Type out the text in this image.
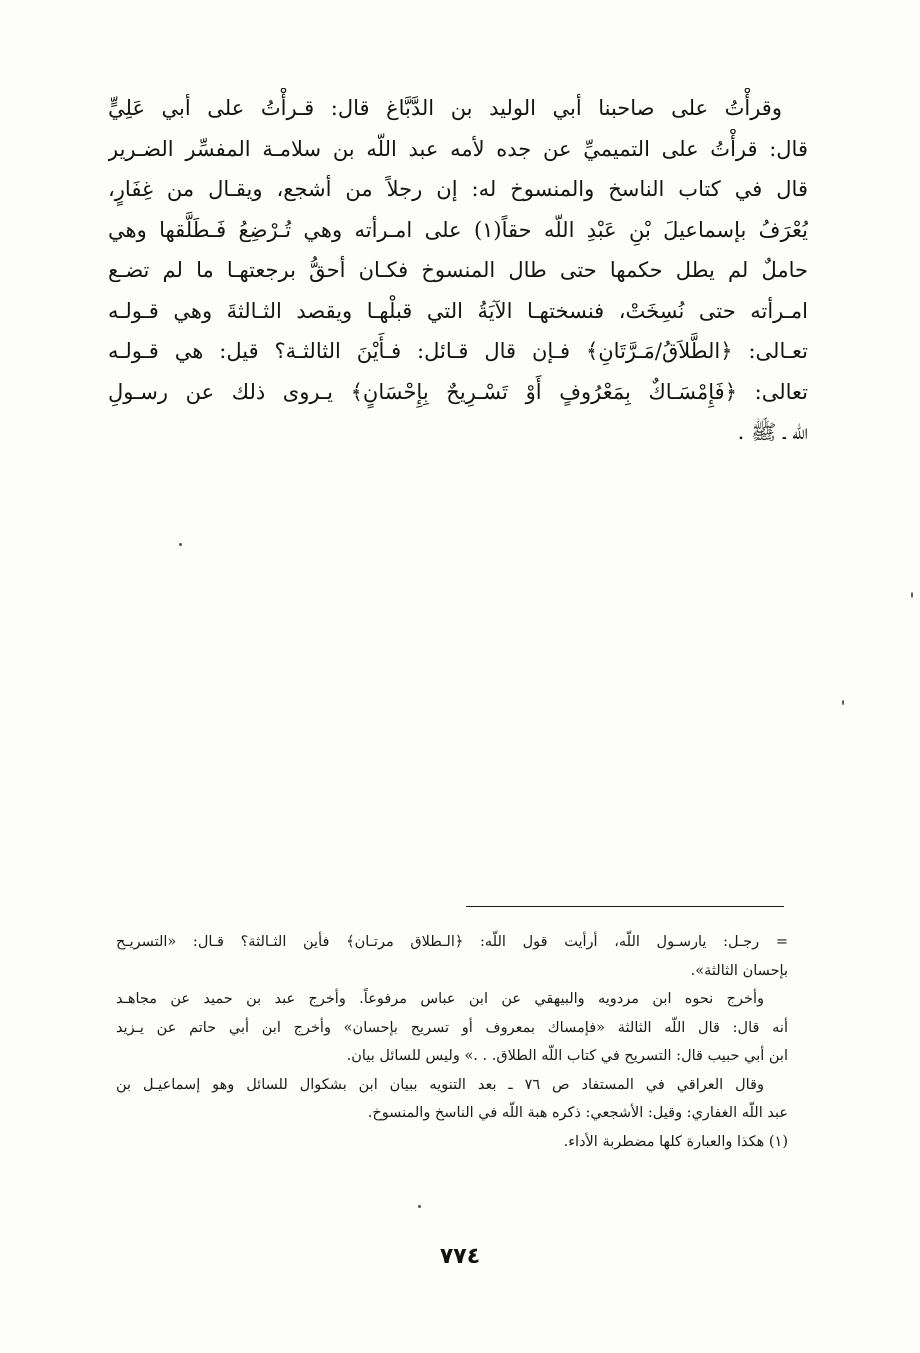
وقرأْتُ على صاحبنا أبي الوليد بن الدَّبَّاغ قال: قـرأْتُ على أبي عَلِيٍّ
قال: قرأْتُ على التميميِّ عن جده لأمه عبد اللّه بن سلامـة المفسِّر الضـرير
قال في كتاب الناسخ والمنسوخ له: إن رجلاً من أشجع، ويقـال من غِفَارٍ،
يُعْرَفُ بإسماعيلَ بْنِ عَبْدِ اللّه حقاً(١) على امـرأته وهي تُـرْضِعُ فَـطَلَّقها وهي
حاملٌ لم يطل حكمها حتى طال المنسوخ فكـان أحقُّ برجعتهـا ما لم تضـع
امـرأته حتى نُسِخَتْ، فنسختهـا الآيَةُ التي قبلْهـا ويقصد الثـالثةَ وهي قـولـه
تعـالى: ﴿الطَّلاَقُ/مَـرَّتَانِ﴾ فـإن قال قـائل: فـأَيْنَ الثالثـة؟ قيل: هي قـولـه
تعالى: ﴿فَإِمْسَـاكٌ بِمَعْرُوفٍ أَوْ تَسْـرِيحٌ بِإِحْسَانٍ﴾ يـروى ذلك عن رسـولِ
اللّه ـ ﷺ .
= رجـل: يارسـول اللّه، أرأيت قول اللّه: ﴿الـطلاق مرتـان﴾ فأين الثـالثة؟ قـال: «التسريـح
بإحسان الثالثة».
وأخرج نحوه ابن مردويه والبيهقي عن ابن عباس مرفوعاً. وأخرج عبد بن حميد عن مجاهـد
أنه قال: قال اللّه الثالثة «فإمساك بمعروف أو تسريح بإحسان» وأخرج ابن أبي حاتم عن يـزيد
ابن أبي حبيب قال: التسريح في كتاب اللّه الطلاق. . .» وليس للسائل بيان.
وقال العراقي في المستفاد ص ٧٦ ـ بعد التنويه ببيان ابن بشكوال للسائل وهو إسماعيـل بن
عبد اللّه الغفاري: وقيل: الأشجعي: ذكره هبة اللّه في الناسخ والمنسوخ.
(١) هكذا والعبارة كلها مضطربة الأداء.
٧٧٤
